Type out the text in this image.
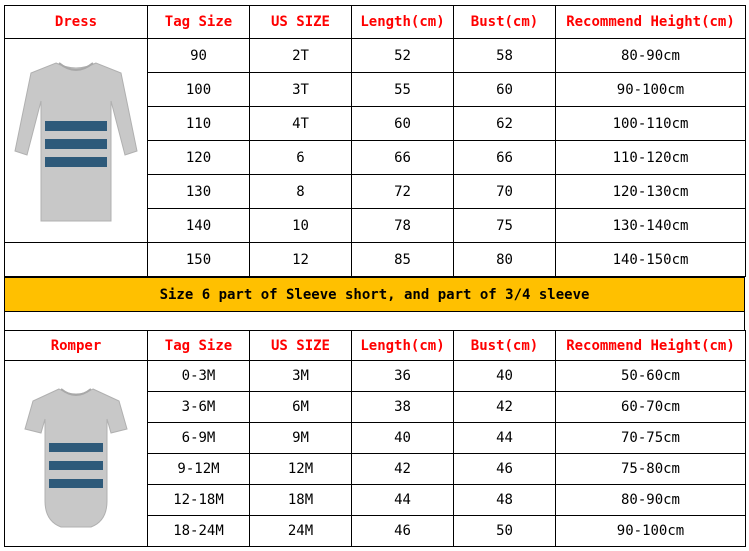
Dress	Tag Size	US SIZE	Length(cm)	Bust(cm)	Recommend Height(cm)

	90	2T	52	58	80-90cm
	100	3T	55	60	90-100cm
	110	4T	60	62	100-110cm
	120	6	66	66	110-120cm
	130	8	72	70	120-130cm
	140	10	78	75	130-140cm
	150	12	85	80	140-150cm
Size 6 part of Sleeve short, and part of 3/4 sleeve
Romper	Tag Size	US SIZE	Length(cm)	Bust(cm)	Recommend Height(cm)

	0-3M	3M	36	40	50-60cm
	3-6M	6M	38	42	60-70cm
	6-9M	9M	40	44	70-75cm
	9-12M	12M	42	46	75-80cm
	12-18M	18M	44	48	80-90cm
	18-24M	24M	46	50	90-100cm
